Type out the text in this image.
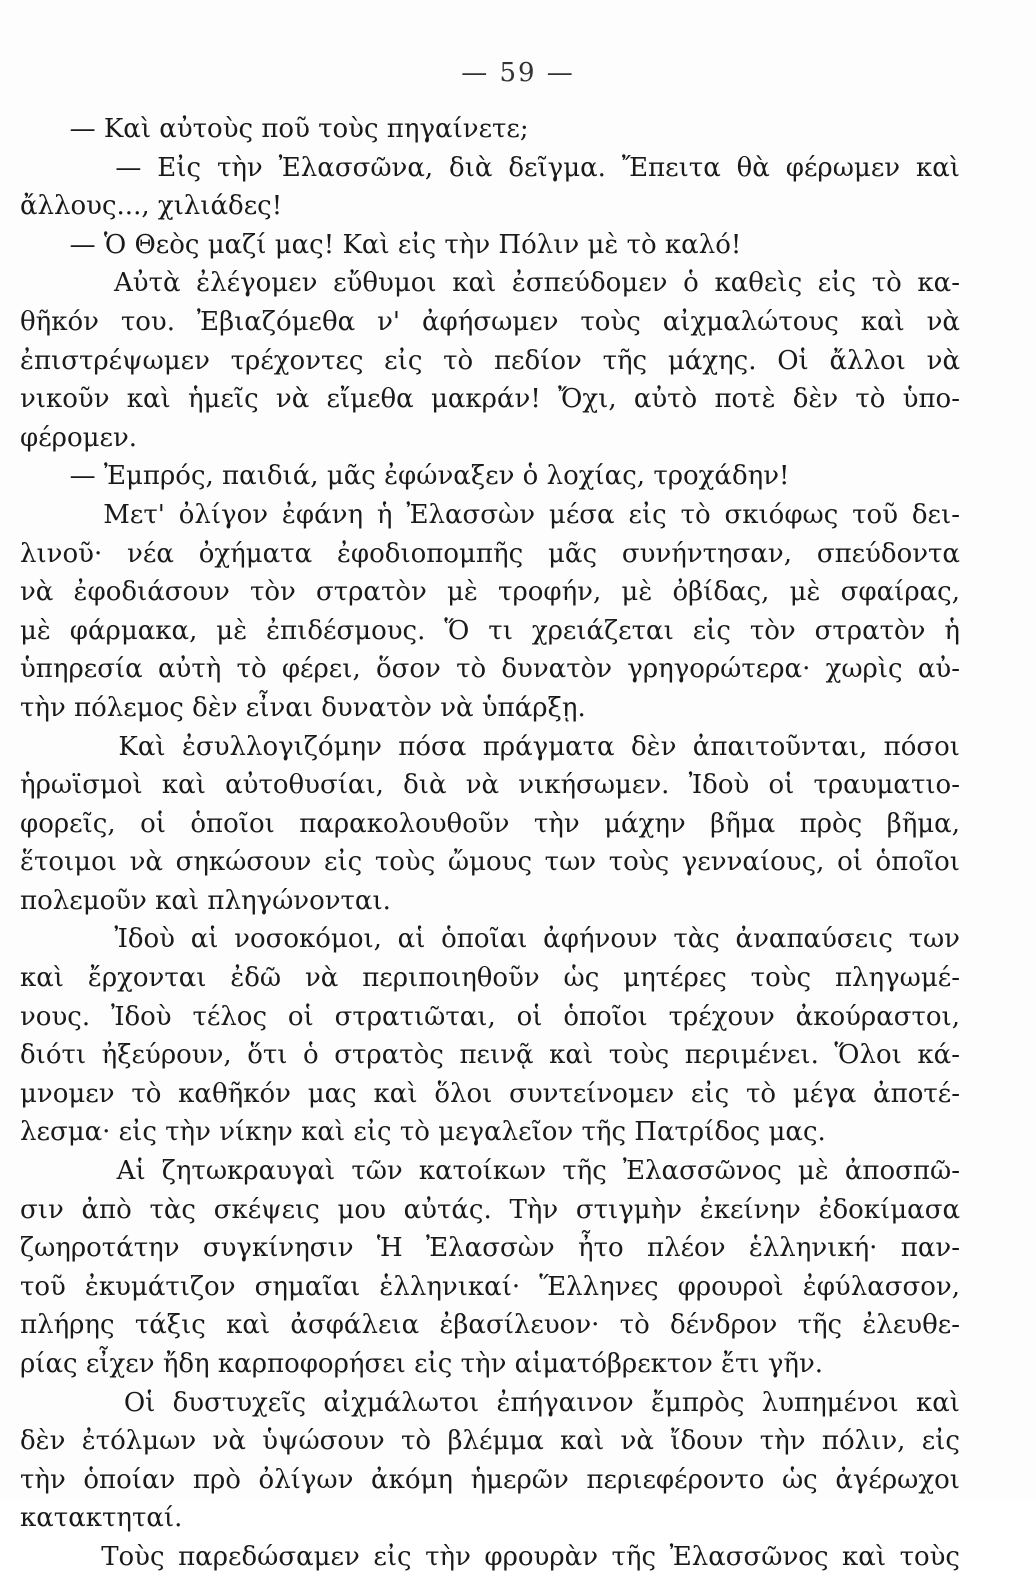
— 59 —
— Καὶ αὐτοὺς ποῦ τοὺς πηγαίνετε;
— Εἰς τὴν Ἐλασσῶνα, διὰ δεῖγμα. Ἔπειτα θὰ φέρωμεν καὶ
ἄλλους..., χιλιάδες!
— Ὁ Θεὸς μαζί μας! Καὶ εἰς τὴν Πόλιν μὲ τὸ καλό!
Αὐτὰ ἐλέγομεν εὔθυμοι καὶ ἐσπεύδομεν ὁ καθεὶς εἰς τὸ κα-
θῆκόν του. Ἐβιαζόμεθα ν' ἀφήσωμεν τοὺς αἰχμαλώτους καὶ νὰ
ἐπιστρέψωμεν τρέχοντες εἰς τὸ πεδίον τῆς μάχης. Οἱ ἄλλοι νὰ
νικοῦν καὶ ἡμεῖς νὰ εἴμεθα μακράν! Ὄχι, αὐτὸ ποτὲ δὲν τὸ ὑπο-
φέρομεν.
— Ἐμπρός, παιδιά, μᾶς ἐφώναξεν ὁ λοχίας, τροχάδην!
Μετ' ὀλίγον ἐφάνη ἡ Ἐλασσὼν μέσα εἰς τὸ σκιόφως τοῦ δει-
λινοῦ· νέα ὀχήματα ἐφοδιοπομπῆς μᾶς συνήντησαν, σπεύδοντα
νὰ ἐφοδιάσουν τὸν στρατὸν μὲ τροφήν, μὲ ὀβίδας, μὲ σφαίρας,
μὲ φάρμακα, μὲ ἐπιδέσμους. Ὅ τι χρειάζεται εἰς τὸν στρατὸν ἡ
ὑπηρεσία αὐτὴ τὸ φέρει, ὅσον τὸ δυνατὸν γρηγορώτερα· χωρὶς αὐ-
τὴν πόλεμος δὲν εἶναι δυνατὸν νὰ ὑπάρξῃ.
Καὶ ἐσυλλογιζόμην πόσα πράγματα δὲν ἀπαιτοῦνται, πόσοι
ἡρωϊσμοὶ καὶ αὐτοθυσίαι, διὰ νὰ νικήσωμεν. Ἰδοὺ οἱ τραυματιο-
φορεῖς, οἱ ὁποῖοι παρακολουθοῦν τὴν μάχην βῆμα πρὸς βῆμα,
ἕτοιμοι νὰ σηκώσουν εἰς τοὺς ὤμους των τοὺς γενναίους, οἱ ὁποῖοι
πολεμοῦν καὶ πληγώνονται.
Ἰδοὺ αἱ νοσοκόμοι, αἱ ὁποῖαι ἀφήνουν τὰς ἀναπαύσεις των
καὶ ἔρχονται ἐδῶ νὰ περιποιηθοῦν ὡς μητέρες τοὺς πληγωμέ-
νους. Ἰδοὺ τέλος οἱ στρατιῶται, οἱ ὁποῖοι τρέχουν ἀκούραστοι,
διότι ἠξεύρουν, ὅτι ὁ στρατὸς πεινᾷ καὶ τοὺς περιμένει. Ὅλοι κά-
μνομεν τὸ καθῆκόν μας καὶ ὅλοι συντείνομεν εἰς τὸ μέγα ἀποτέ-
λεσμα· εἰς τὴν νίκην καὶ εἰς τὸ μεγαλεῖον τῆς Πατρίδος μας.
Αἱ ζητωκραυγαὶ τῶν κατοίκων τῆς Ἐλασσῶνος μὲ ἀποσπῶ-
σιν ἀπὸ τὰς σκέψεις μου αὐτάς. Τὴν στιγμὴν ἐκείνην ἐδοκίμασα
ζωηροτάτην συγκίνησιν Ἡ Ἐλασσὼν ἦτο πλέον ἑλληνική· παν-
τοῦ ἐκυμάτιζον σημαῖαι ἑλληνικαί· Ἕλληνες φρουροὶ ἐφύλασσον,
πλήρης τάξις καὶ ἀσφάλεια ἐβασίλευον· τὸ δένδρον τῆς ἐλευθε-
ρίας εἶχεν ἤδη καρποφορήσει εἰς τὴν αἱματόβρεκτον ἔτι γῆν.
Οἱ δυστυχεῖς αἰχμάλωτοι ἐπήγαινον ἔμπρὸς λυπημένοι καὶ
δὲν ἐτόλμων νὰ ὑψώσουν τὸ βλέμμα καὶ νὰ ἴδουν τὴν πόλιν, εἰς
τὴν ὁποίαν πρὸ ὀλίγων ἀκόμη ἡμερῶν περιεφέροντο ὡς ἀγέρωχοι
κατακτηταί.
Τοὺς παρεδώσαμεν εἰς τὴν φρουρὰν τῆς Ἐλασσῶνος καὶ τοὺς
